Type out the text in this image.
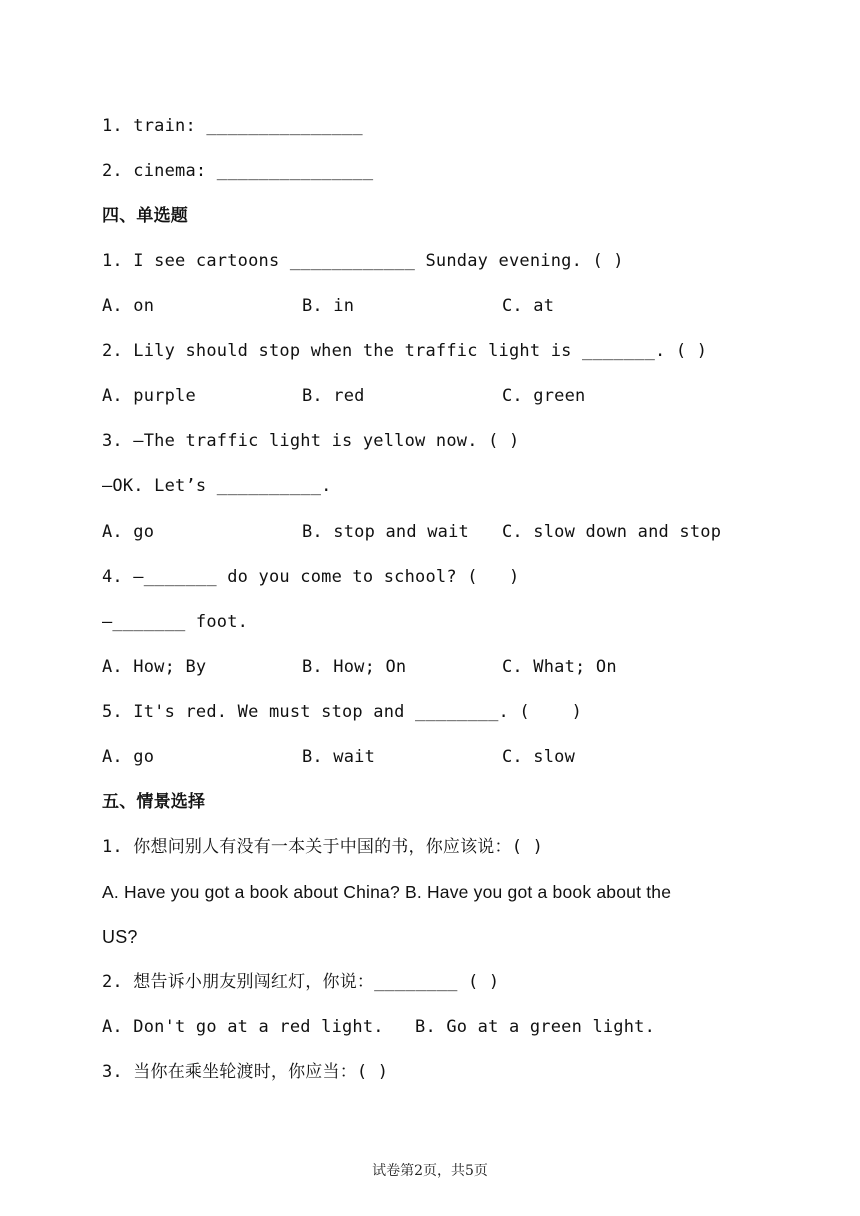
1. train: _______________
2. cinema: _______________
四、单选题
1. I see cartoons ____________ Sunday evening. ( )
A. on	B. in	C. at
2. Lily should stop when the traffic light is _______. ( )
A. purple	B. red	C. green
3. —The traffic light is yellow now. ( )
—OK. Let’s __________.
A. go	B. stop and wait C. slow down and stop
4. —_______ do you come to school? (   )
—_______ foot.
A. How; By	B. How; On	C. What; On
5. It's red. We must stop and ________. (    )
A. go	B. wait	C. slow
五、情景选择
1. 你想问别人有没有一本关于中国的书，你应该说：( )
A. Have you got a book about China? B. Have you got a book about the
US?
2. 想告诉小朋友别闯红灯，你说：________ ( )
A. Don't go at a red light.   B. Go at a green light.
3. 当你在乘坐轮渡时，你应当：( )
试卷第2页，共5页
